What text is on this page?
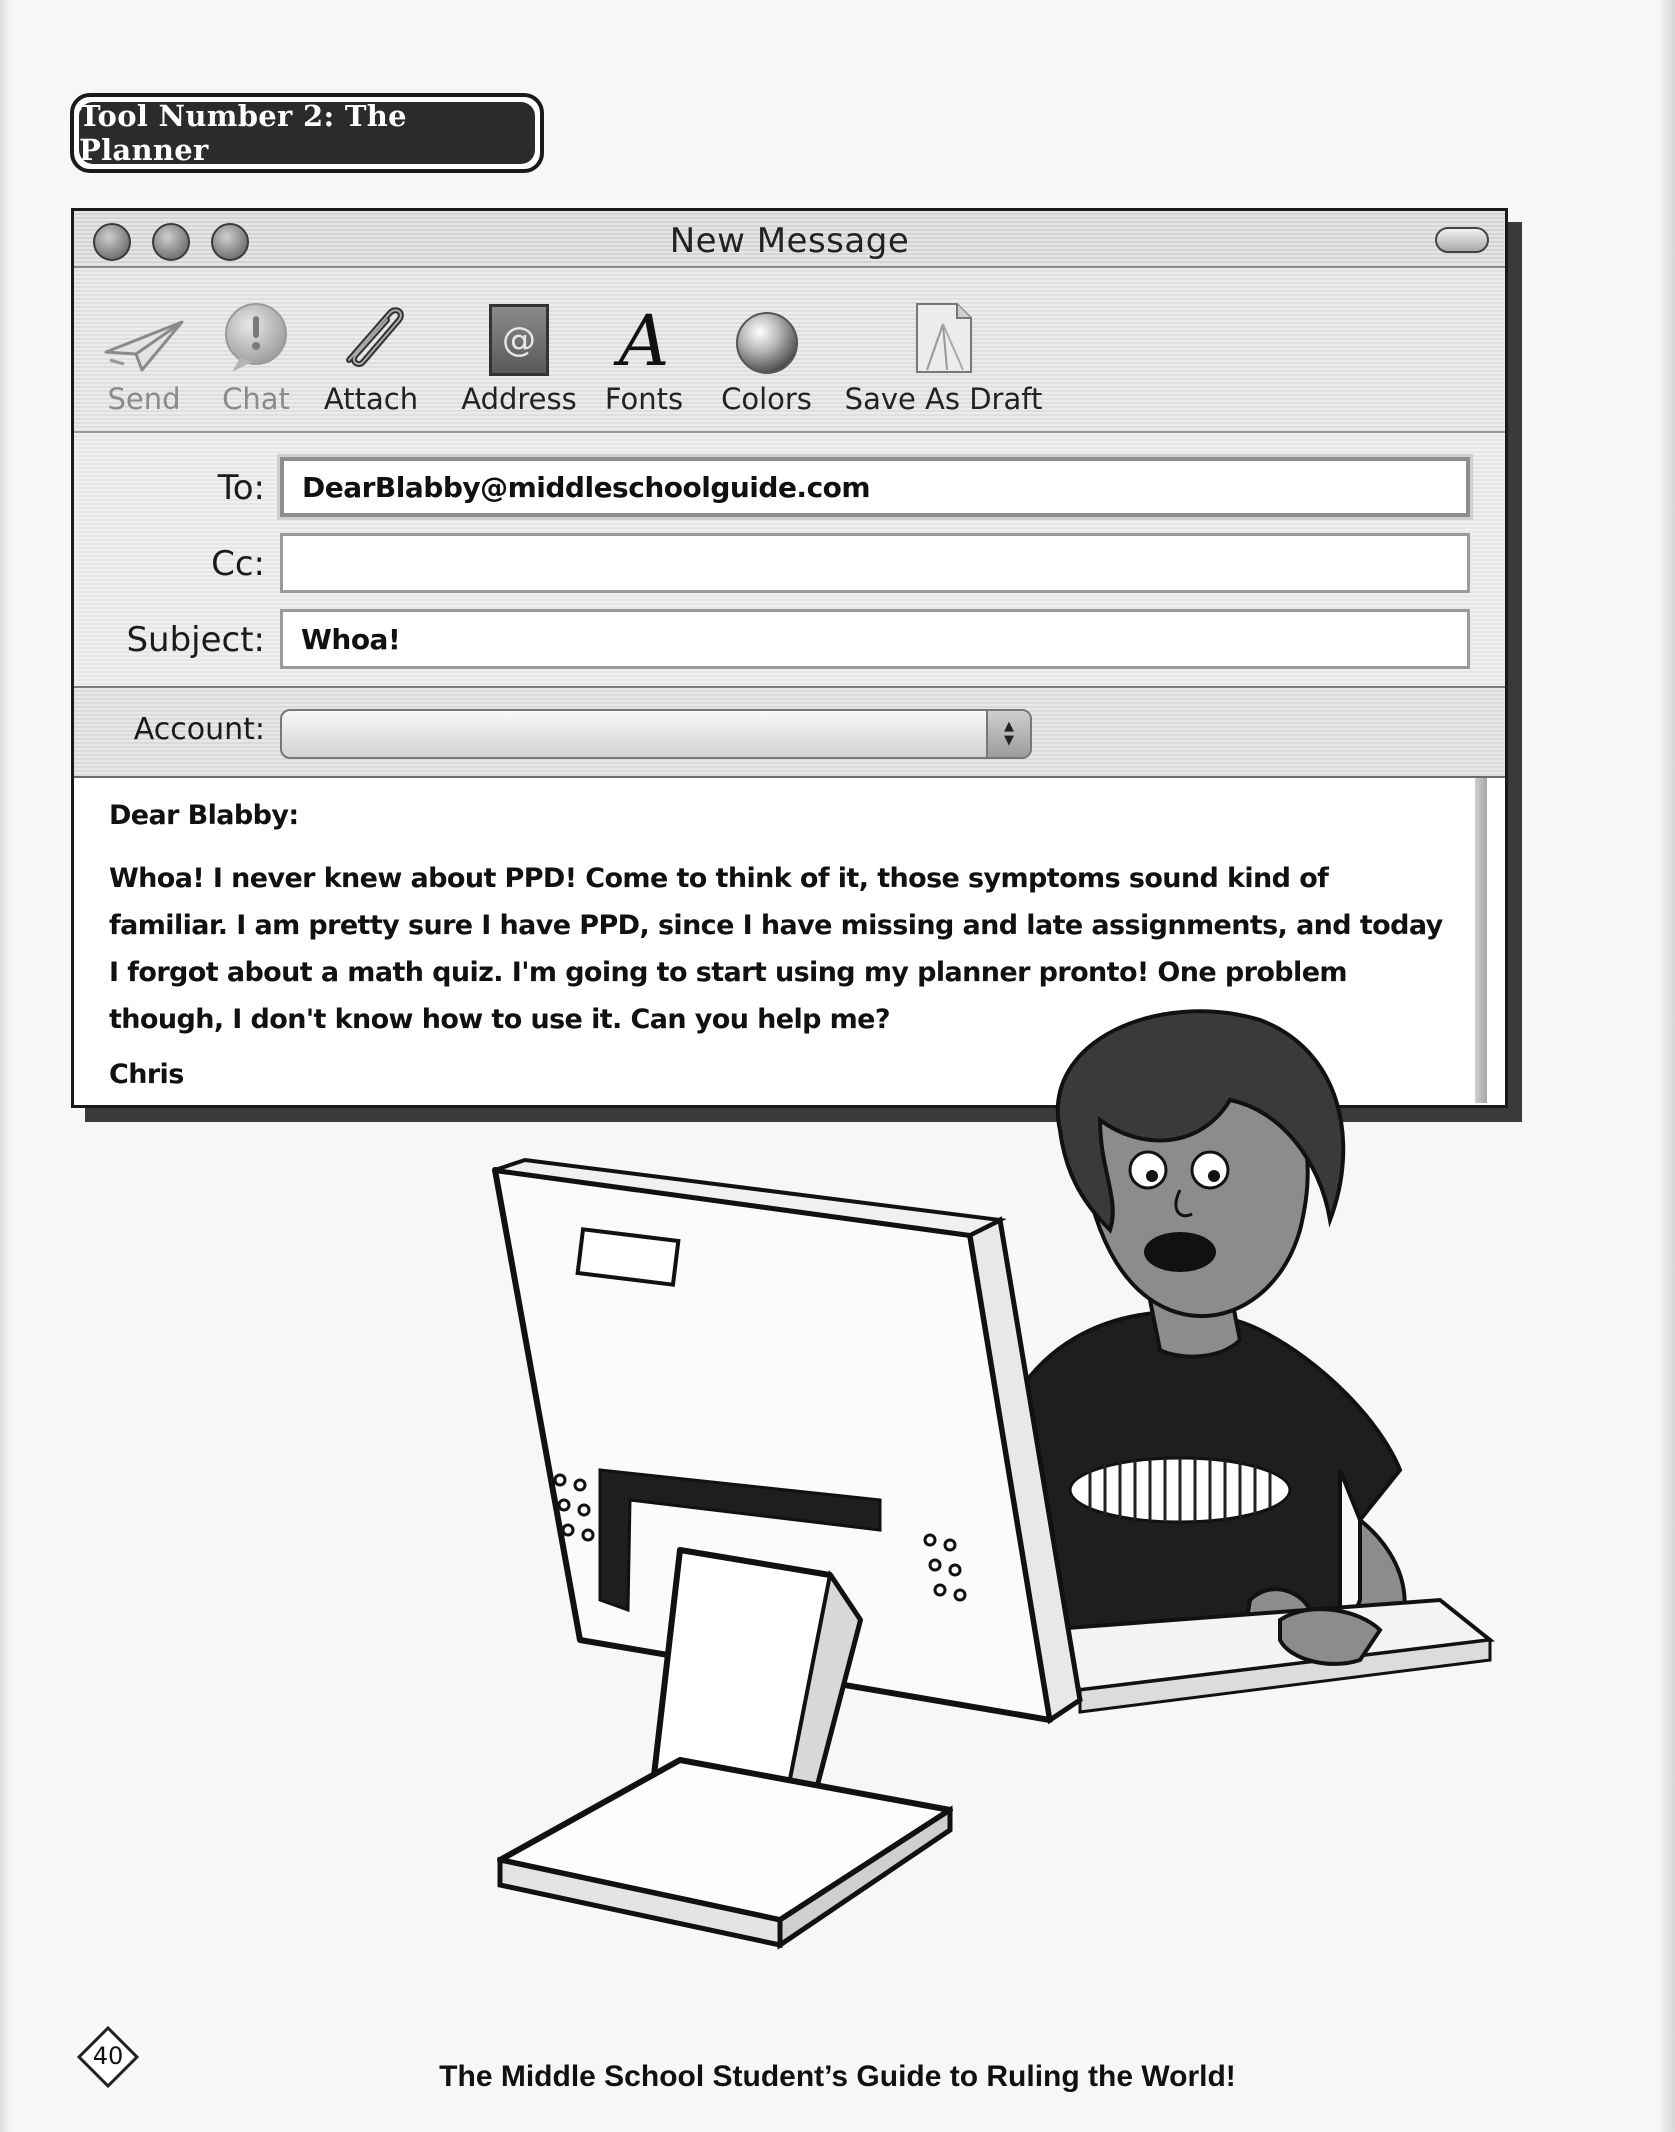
Tool Number 2: The Planner
New Message
Send	Chat	Attach
@
Address
A
Fonts	Colors	Save As Draft
To:	DearBlabby@middleschoolguide.com
Cc:
Subject:	Whoa!
Account:	▲
▼
Dear Blabby:
Whoa! I never knew about PPD! Come to think of it, those symptoms sound kind of familiar. I am pretty sure I have PPD, since I have missing and late assignments, and today I forgot about a math quiz. I'm going to start using my planner pronto! One problem though, I don't know how to use it. Can you help me?
Chris
40
The Middle School Student’s Guide to Ruling the World!
